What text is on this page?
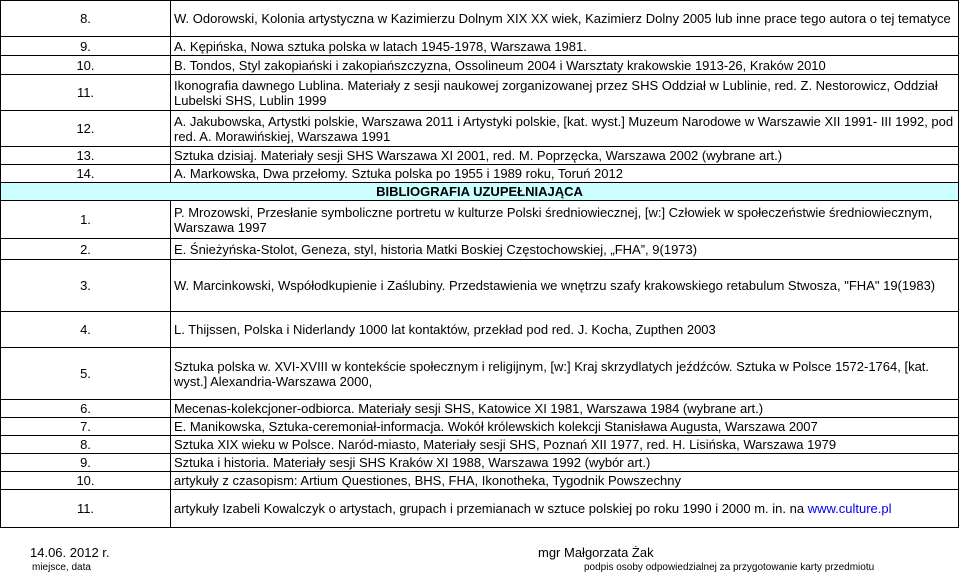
8.	W. Odorowski, Kolonia artystyczna w Kazimierzu Dolnym XIX XX wiek, Kazimierz Dolny 2005 lub inne prace tego autora o tej tematyce
9.	A. Kępińska, Nowa sztuka polska w latach 1945-1978, Warszawa 1981.
10.	B. Tondos, Styl zakopiański i zakopiańszczyzna, Ossolineum 2004 i Warsztaty krakowskie 1913-26, Kraków 2010
11.	Ikonografia dawnego Lublina. Materiały z sesji naukowej zorganizowanej przez SHS Oddział w Lublinie, red. Z. Nestorowicz, Oddział Lubelski SHS, Lublin 1999
12.	A. Jakubowska, Artystki polskie, Warszawa 2011 i Artystyki polskie, [kat. wyst.] Muzeum Narodowe w Warszawie XII 1991- III 1992, pod red. A. Morawińskiej, Warszawa 1991
13.	Sztuka dzisiaj. Materiały sesji SHS Warszawa XI 2001, red. M. Poprzęcka, Warszawa 2002 (wybrane art.)
14.	A. Markowska, Dwa przełomy. Sztuka polska po 1955 i 1989 roku, Toruń 2012
BIBLIOGRAFIA UZUPEŁNIAJĄCA	
1.	P. Mrozowski, Przesłanie symboliczne portretu w kulturze Polski średniowiecznej, [w:] Człowiek w społeczeństwie średniowiecznym, Warszawa 1997
2.	E. Śnieżyńska-Stolot, Geneza, styl, historia Matki Boskiej Częstochowskiej, „FHA”, 9(1973)
3.	W. Marcinkowski, Współodkupienie i Zaślubiny. Przedstawienia we wnętrzu szafy krakowskiego retabulum Stwosza, "FHA" 19(1983)
4.	L. Thijssen, Polska i Niderlandy 1000 lat kontaktów, przekład pod red. J. Kocha, Zupthen 2003
5.	Sztuka polska w. XVI-XVIII w kontekście społecznym i religijnym, [w:] Kraj skrzydlatych jeźdźców. Sztuka w Polsce 1572-1764, [kat. wyst.] Alexandria-Warszawa 2000,
6.	Mecenas-kolekcjoner-odbiorca. Materiały sesji SHS, Katowice XI 1981, Warszawa 1984 (wybrane art.)
7.	E. Manikowska, Sztuka-ceremoniał-informacja. Wokół królewskich kolekcji Stanisława Augusta, Warszawa 2007
8.	Sztuka XIX wieku w Polsce. Naród-miasto, Materiały sesji SHS, Poznań XII 1977, red. H. Lisińska, Warszawa 1979
9.	Sztuka i historia. Materiały sesji SHS Kraków XI 1988, Warszawa 1992 (wybór art.)
10.	artykuły z czasopism: Artium Questiones, BHS, FHA, Ikonotheka, Tygodnik Powszechny
11.	artykuły Izabeli Kowalczyk o artystach, grupach i przemianach w sztuce polskiej po roku 1990 i 2000 m. in. na www.culture.pl
14.06. 2012 r.
miejsce, data
mgr Małgorzata Żak
podpis osoby odpowiedzialnej za przygotowanie karty przedmiotu
